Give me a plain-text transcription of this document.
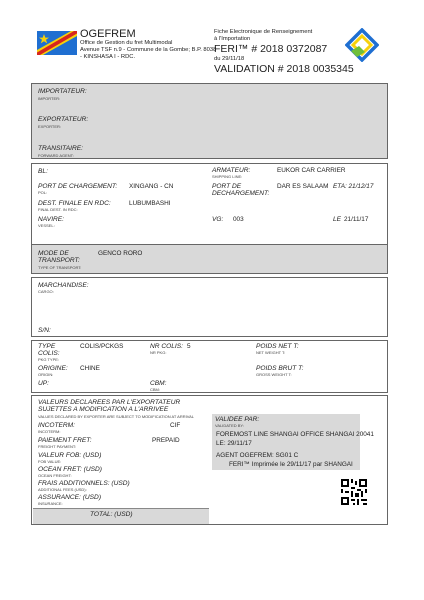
OGEFREM
Office de Gestion du fret Multimodal
Avenue TSF n.9 - Commune de la Gombe; B.P. 8038
- KINSHASA I - RDC.
Fiche Electronique de Renseignement
à l'Importation
FERI™ # 2018 0372087
du 29/11/18
VALIDATION # 2018 0035345
IMPORTATEUR:
IMPORTER:
EXPORTATEUR:
EXPORTER:
TRANSITAIRE:
FORWARD AGENT:
BL:	ARMATEUR:
SHIPPING LINE:
EUKOR CAR CARRIER
PORT DE CHARGEMENT:
POL:
XINGANG - CN	PORT DE DECHARGEMENT:
DAR ES SALAAM ETA: 21/12/17
DEST. FINALE EN RDC:
FINAL DEST. IN RDC:
LUBUMBASHI
NAVIRE:
VESSEL:
VG: 003	LE 21/11/17
MODE DE
TRANSPORT:
TYPE OF TRANSPORT:
GENCO RORO
MARCHANDISE:
CARGO:
S/N:
TYPE
COLIS:
PKG TYPE:
COLIS/PCKGS	NR COLIS:
NR PKG:
5	POIDS NET T:
NET WEIGHT T:
ORIGINE:
ORIGIN:
CHINE	POIDS BRUT T:
GROSS WEIGHT T:
UP:	CBM:
CBM:
VALEURS DECLAREES PAR L'EXPORTATEUR
SUJETTES A MODIFICATION A L'ARRIVEE
VALUES DECLARED BY EXPORTER ARE SUBJECT TO MODIFICATION AT ARRIVAL
INCOTERM:
INCOTERM:
CIF
PAIEMENT FRET:
FREIGHT PAYMENT:
PREPAID
VALEUR FOB: (USD)
FOB VALUE:
OCEAN FRET: (USD)
OCEAN FREIGHT:
FRAIS ADDITIONNELS: (USD)
ADDITIONAL FEES (USD):
ASSURANCE: (USD)
INSURANCE:
TOTAL: (USD)
VALIDEE PAR:
VALIDATED BY:
FOREMOST LINE SHANGAI OFFICE SHANGAI 20041
LE: 29/11/17
AGENT OGEFREM: SG01 C
FERI™ Imprimée le 29/11/17 par SHANGAI
